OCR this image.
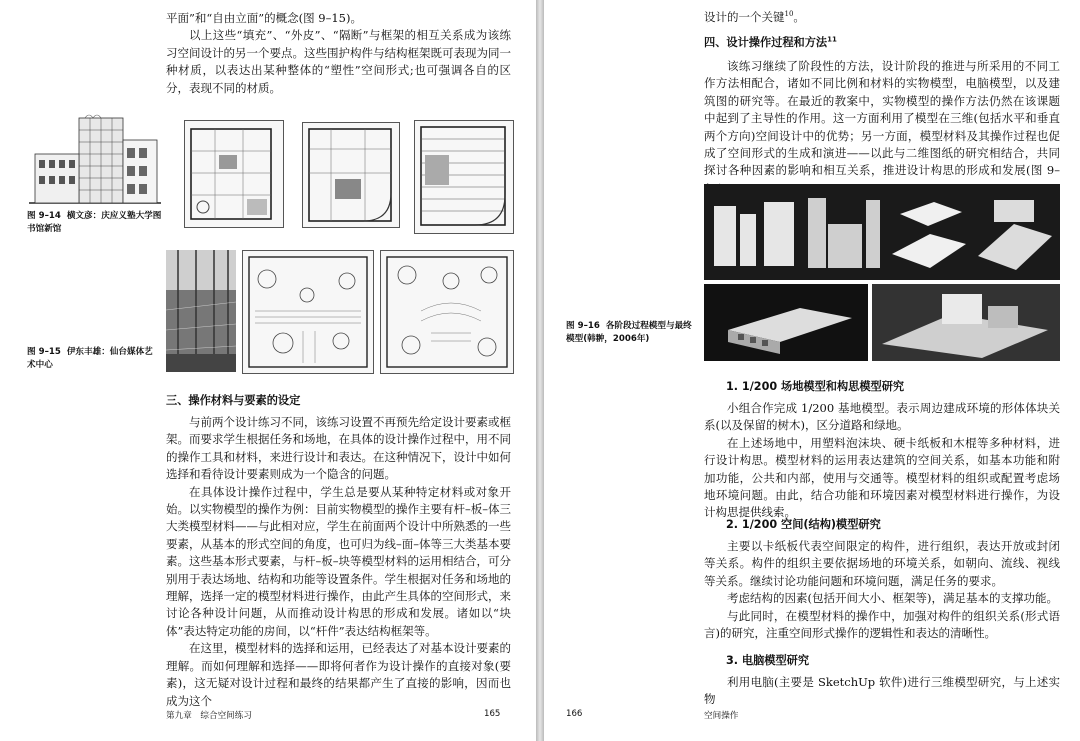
平面”和“自由立面”的概念(图 9–15)。

以上这些“填充”、“外皮”、“隔断”与框架的相互关系成为该练习空间设计的另一个要点。这些围护构件与结构框架既可表现为同一种材质，以表达出某种整体的“塑性”空间形式;也可强调各自的区分，表现不同的材质。

图 9–14 横文彦：庆应义塾大学图书馆新馆
图 9–15 伊东丰雄：仙台媒体艺术中心
三、操作材料与要素的设定

与前两个设计练习不同，该练习设置不再预先给定设计要素或框架。而要求学生根据任务和场地，在具体的设计操作过程中，用不同的操作工具和材料，来进行设计和表达。在这种情况下，设计中如何选择和看待设计要素则成为一个隐含的问题。

在具体设计操作过程中，学生总是要从某种特定材料或对象开始。以实物模型的操作为例：目前实物模型的操作主要有杆–板–体三大类模型材料——与此相对应，学生在前面两个设计中所熟悉的一些要素，从基本的形式空间的角度，也可归为线–面–体等三大类基本要素。这些基本形式要素，与杆–板–块等模型材料的运用相结合，可分别用于表达场地、结构和功能等设置条件。学生根据对任务和场地的理解，选择一定的模型材料进行操作，由此产生具体的空间形式，来讨论各种设计问题，从而推动设计构思的形成和发展。诸如以“块体”表达特定功能的房间，以“杆件”表达结构框架等。

在这里，模型材料的选择和运用，已经表达了对基本设计要素的理解。而如何理解和选择——即将何者作为设计操作的直接对象(要素)，这无疑对设计过程和最终的结果都产生了直接的影响，因而也成为这个

第九章　综合空间练习	165

设计的一个关键$^{10}$。

四、设计操作过程和方法$^{11}$

该练习继续了阶段性的方法，设计阶段的推进与所采用的不同工作方法相配合，诸如不同比例和材料的实物模型，电脑模型，以及建筑图的研究等。在最近的教案中，实物模型的操作方法仍然在该课题中起到了主导性的作用。这一方面利用了模型在三维(包括水平和垂直两个方向)空间设计中的优势；另一方面，模型材料及其操作过程也促成了空间形式的生成和演进——以此与二维图纸的研究相结合，共同探讨各种因素的影响和相互关系，推进设计构思的形成和发展(图 9–

图 9–16 各阶段过程模型与最终模型(韩翀，2006年)
1. 1/200 场地模型和构思模型研究

小组合作完成 1/200 基地模型。表示周边建成环境的形体体块关系(以及保留的树木)，区分道路和绿地。

在上述场地中，用塑料泡沫块、硬卡纸板和木棍等多种材料，进行设计构思。模型材料的运用表达建筑的空间关系，如基本功能和附加功能，公共和内部，使用与交通等。模型材料的组织或配置考虑场地环境问题。由此，结合功能和环境因素对模型材料进行操作，为设计构思提供线索。

2. 1/200 空间(结构)模型研究

主要以卡纸板代表空间限定的构件，进行组织，表达开放或封闭等关系。构件的组织主要依据场地的环境关系，如朝向、流线、视线等关系。继续讨论功能问题和环境问题，满足任务的要求。

考虑结构的因素(包括开间大小、框架等)，满足基本的支撑功能。

与此同时，在模型材料的操作中，加强对构件的组织关系(形式语言)的研究，注重空间形式操作的逻辑性和表达的清晰性。

3. 电脑模型研究

利用电脑(主要是 SketchUp 软件)进行三维模型研究，与上述实物

166	空间操作
